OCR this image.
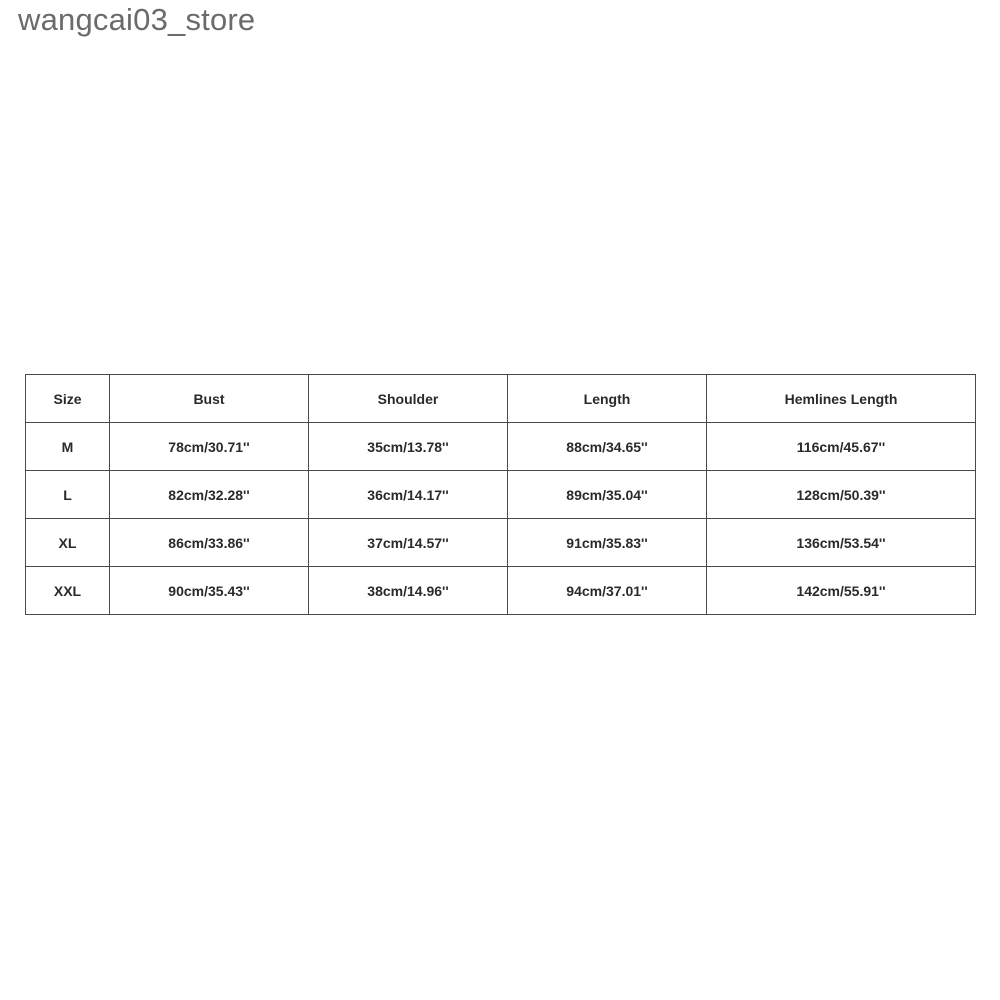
wangcai03_store
Size	Bust	Shoulder	Length	Hemlines Length
M	78cm/30.71''	35cm/13.78''	88cm/34.65''	116cm/45.67''
L	82cm/32.28''	36cm/14.17''	89cm/35.04''	128cm/50.39''
XL	86cm/33.86''	37cm/14.57''	91cm/35.83''	136cm/53.54''
XXL	90cm/35.43''	38cm/14.96''	94cm/37.01''	142cm/55.91''
